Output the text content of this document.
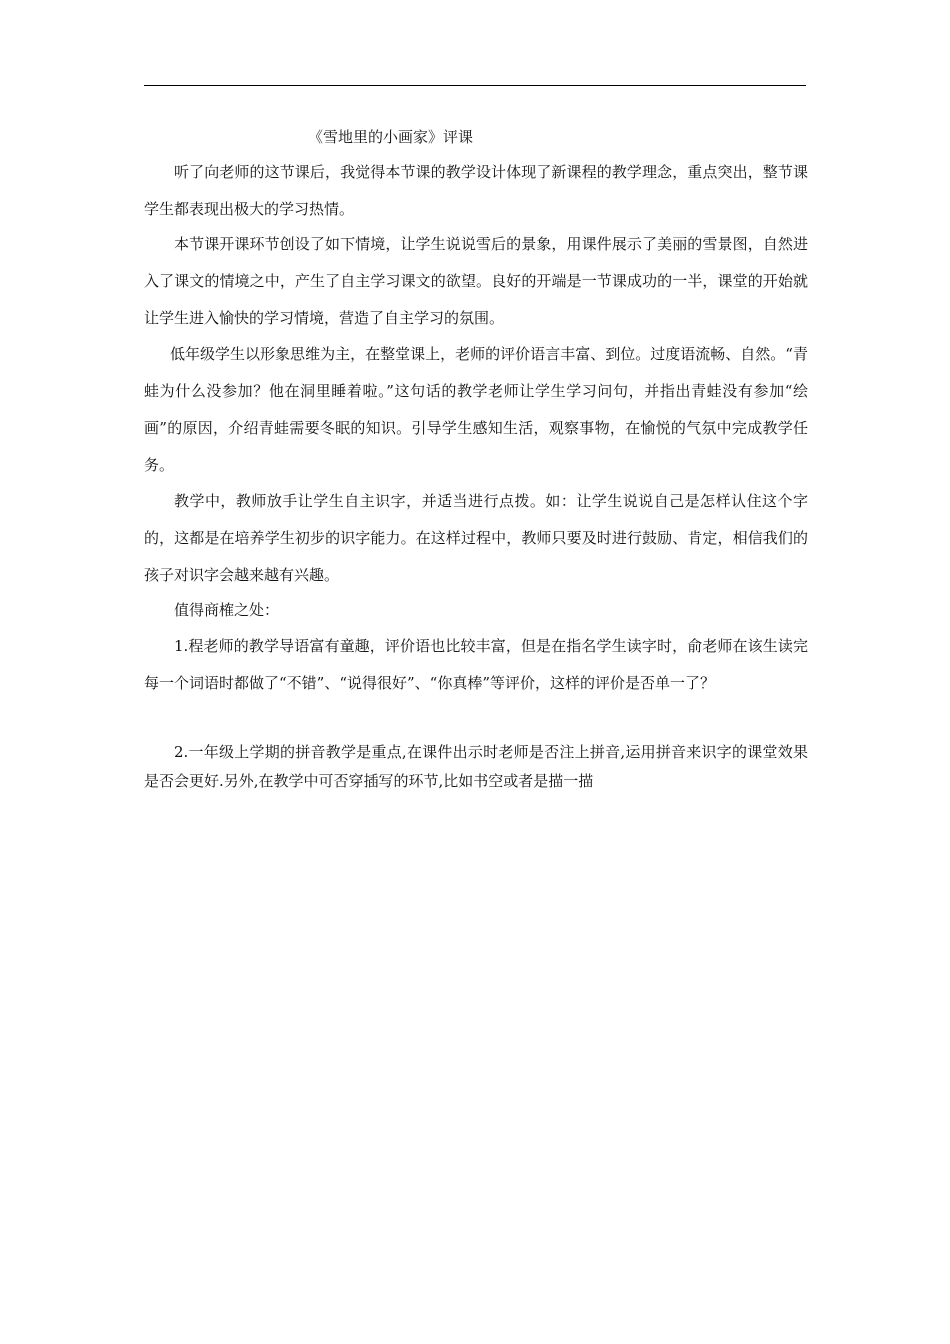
《雪地里的小画家》评课

听了向老师的这节课后，我觉得本节课的教学设计体现了新课程的教学理念，重点突出，整节课学生都表现出极大的学习热情。

本节课开课环节创设了如下情境，让学生说说雪后的景象，用课件展示了美丽的雪景图，自然进入了课文的情境之中，产生了自主学习课文的欲望。良好的开端是一节课成功的一半，课堂的开始就让学生进入愉快的学习情境，营造了自主学习的氛围。

低年级学生以形象思维为主，在整堂课上，老师的评价语言丰富、到位。过度语流畅、自然。“青蛙为什么没参加？他在洞里睡着啦。”这句话的教学老师让学生学习问句，并指出青蛙没有参加“绘画”的原因，介绍青蛙需要冬眠的知识。引导学生感知生活，观察事物，在愉悦的气氛中完成教学任务。

教学中，教师放手让学生自主识字，并适当进行点拨。如：让学生说说自己是怎样认住这个字的，这都是在培养学生初步的识字能力。在这样过程中，教师只要及时进行鼓励、肯定，相信我们的孩子对识字会越来越有兴趣。

值得商榷之处：

1.程老师的教学导语富有童趣，评价语也比较丰富，但是在指名学生读字时，俞老师在该生读完每一个词语时都做了“不错”、“说得很好”、“你真棒”等评价，这样的评价是否单一了？

2.一年级上学期的拼音教学是重点,在课件出示时老师是否注上拼音,运用拼音来识字的课堂效果是否会更好.另外,在教学中可否穿插写的环节,比如书空或者是描一描
